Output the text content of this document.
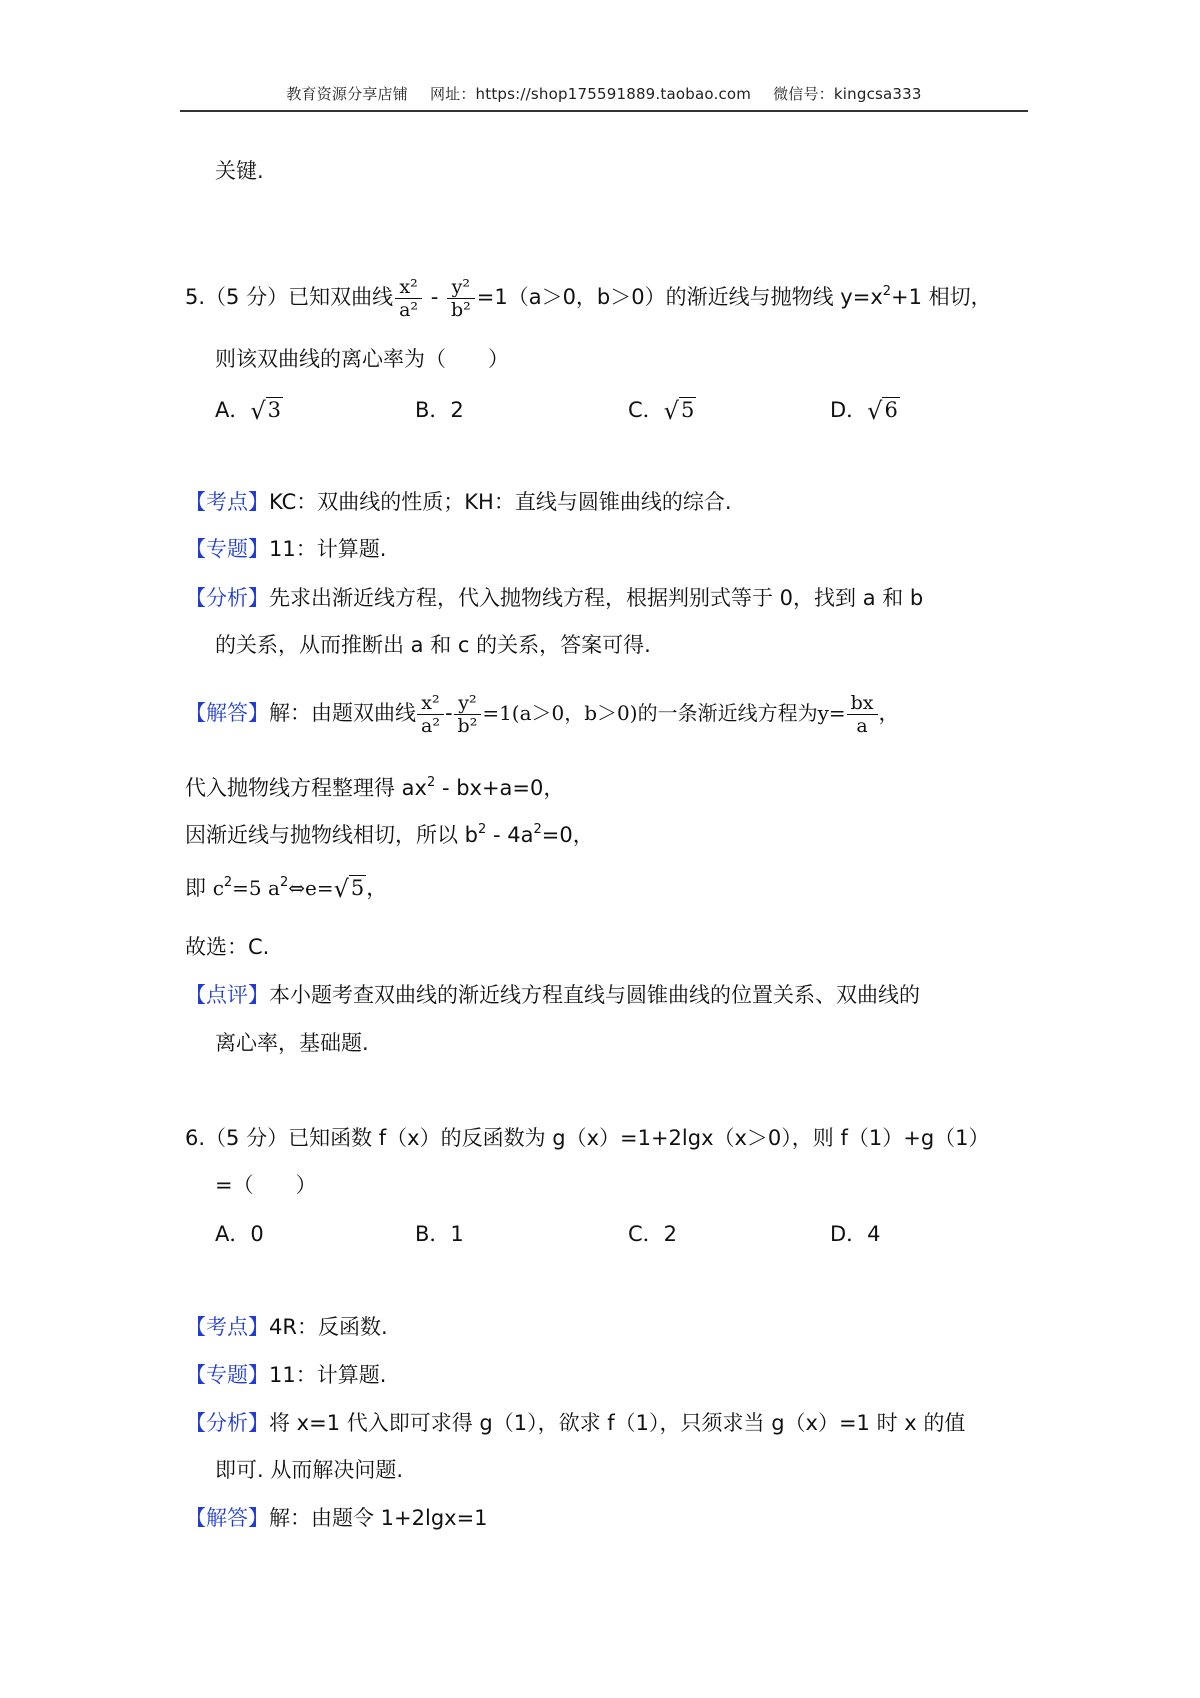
教育资源分享店铺 网址：https://shop175591889.taobao.com 微信号：kingcsa333
关键.
5.（5 分）已知双曲线 $\frac{\text{x²}}{\text{a²}} - \frac{\text{y²}}{\text{b²}} =1(a>0$，b＞0）的渐近线与抛物线 $y=x^2+1$ 相切，
则该双曲线的离心率为（　　）
A．√3	B．2	C．√5	D．√6
【考点】KC：双曲线的性质；KH：直线与圆锥曲线的综合.
【专题】11：计算题.
【分析】先求出渐近线方程，代入抛物线方程，根据判别式等于 0，找到 a 和 b
的关系，从而推断出 a 和 c 的关系，答案可得.
【解答】解：由题双曲线 $\frac{\text{x²}}{\text{a²}} - \frac{\text{y²}}{\text{b²}} =1(a>0$，b＞0)的一条渐近线方程为$y= \frac{bx}{a}$ ，
代入抛物线方程整理得 $ax^2 - bx+a=0$，
因渐近线与抛物线相切，所以 $b^2 - 4a^2=0$，
即 $c^2=5$ $a^2\Leftrightarrow e=√5$，
故选：C.
【点评】本小题考查双曲线的渐近线方程直线与圆锥曲线的位置关系、双曲线的
离心率，基础题.
6.（5 分）已知函数 f（x）的反函数为 g（x）=1+2lgx（x＞0），则 f（1）+g（1）
=（　　）
A．0	B．1	C．2	D．4
【考点】4R：反函数.
【专题】11：计算题.
【分析】将 x=1 代入即可求得 g（1），欲求 f（1），只须求当 g（x）=1 时 x 的值
即可. 从而解决问题.
【解答】解：由题令 1+2lgx=1
